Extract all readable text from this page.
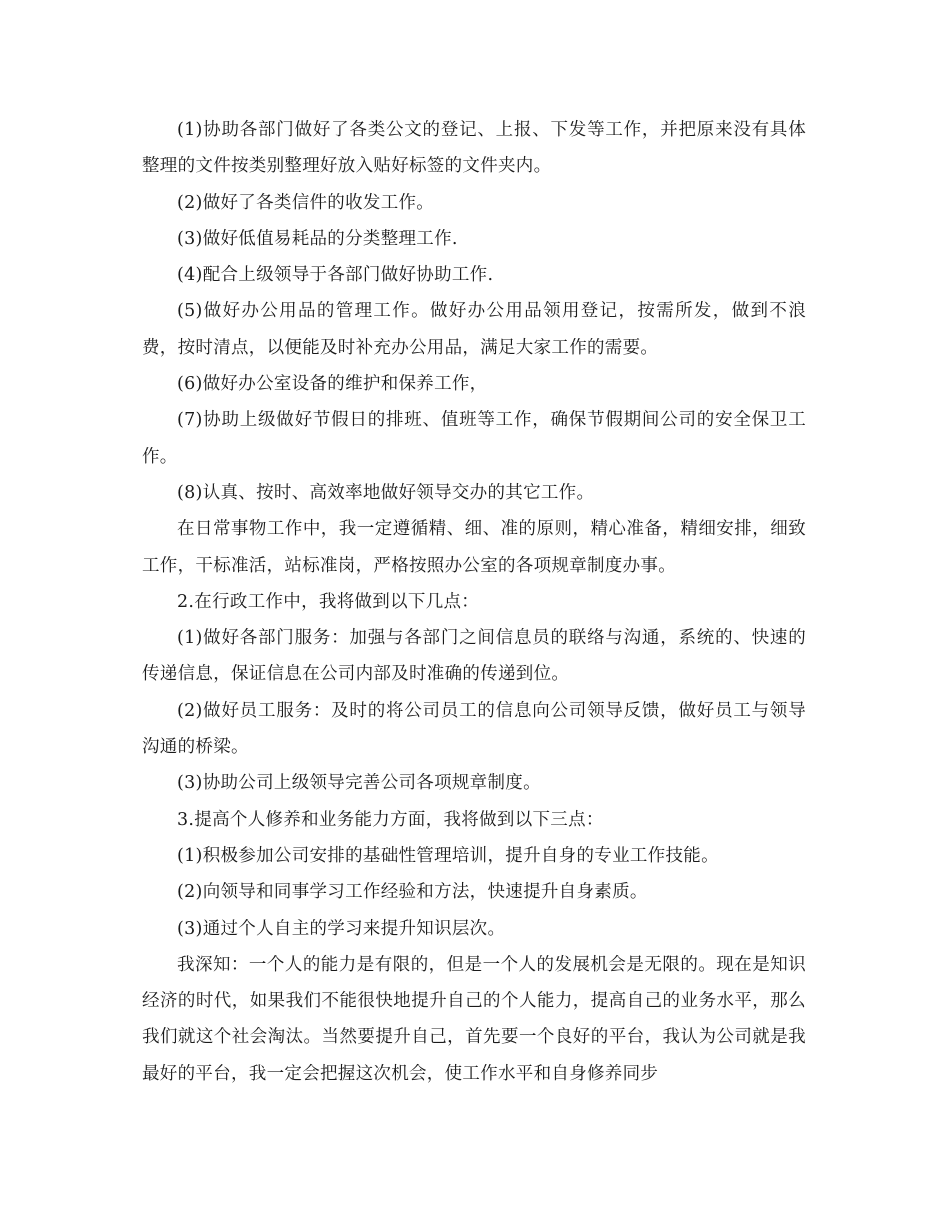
(1)协助各部门做好了各类公文的登记、上报、下发等工作，并把原来没有具体整理的文件按类别整理好放入贴好标签的文件夹内。

(2)做好了各类信件的收发工作。

(3)做好低值易耗品的分类整理工作.

(4)配合上级领导于各部门做好协助工作.

(5)做好办公用品的管理工作。做好办公用品领用登记，按需所发，做到不浪费，按时清点，以便能及时补充办公用品，满足大家工作的需要。

(6)做好办公室设备的维护和保养工作，

(7)协助上级做好节假日的排班、值班等工作，确保节假期间公司的安全保卫工作。

(8)认真、按时、高效率地做好领导交办的其它工作。

在日常事物工作中，我一定遵循精、细、准的原则，精心准备，精细安排，细致工作，干标准活，站标准岗，严格按照办公室的各项规章制度办事。

2.在行政工作中，我将做到以下几点：

(1)做好各部门服务：加强与各部门之间信息员的联络与沟通，系统的、快速的传递信息，保证信息在公司内部及时准确的传递到位。

(2)做好员工服务：及时的将公司员工的信息向公司领导反馈，做好员工与领导沟通的桥梁。

(3)协助公司上级领导完善公司各项规章制度。

3.提高个人修养和业务能力方面，我将做到以下三点：

(1)积极参加公司安排的基础性管理培训，提升自身的专业工作技能。

(2)向领导和同事学习工作经验和方法，快速提升自身素质。

(3)通过个人自主的学习来提升知识层次。

我深知：一个人的能力是有限的，但是一个人的发展机会是无限的。现在是知识经济的时代，如果我们不能很快地提升自己的个人能力，提高自己的业务水平，那么我们就这个社会淘汰。当然要提升自己，首先要一个良好的平台，我认为公司就是我最好的平台，我一定会把握这次机会，使工作水平和自身修养同步
